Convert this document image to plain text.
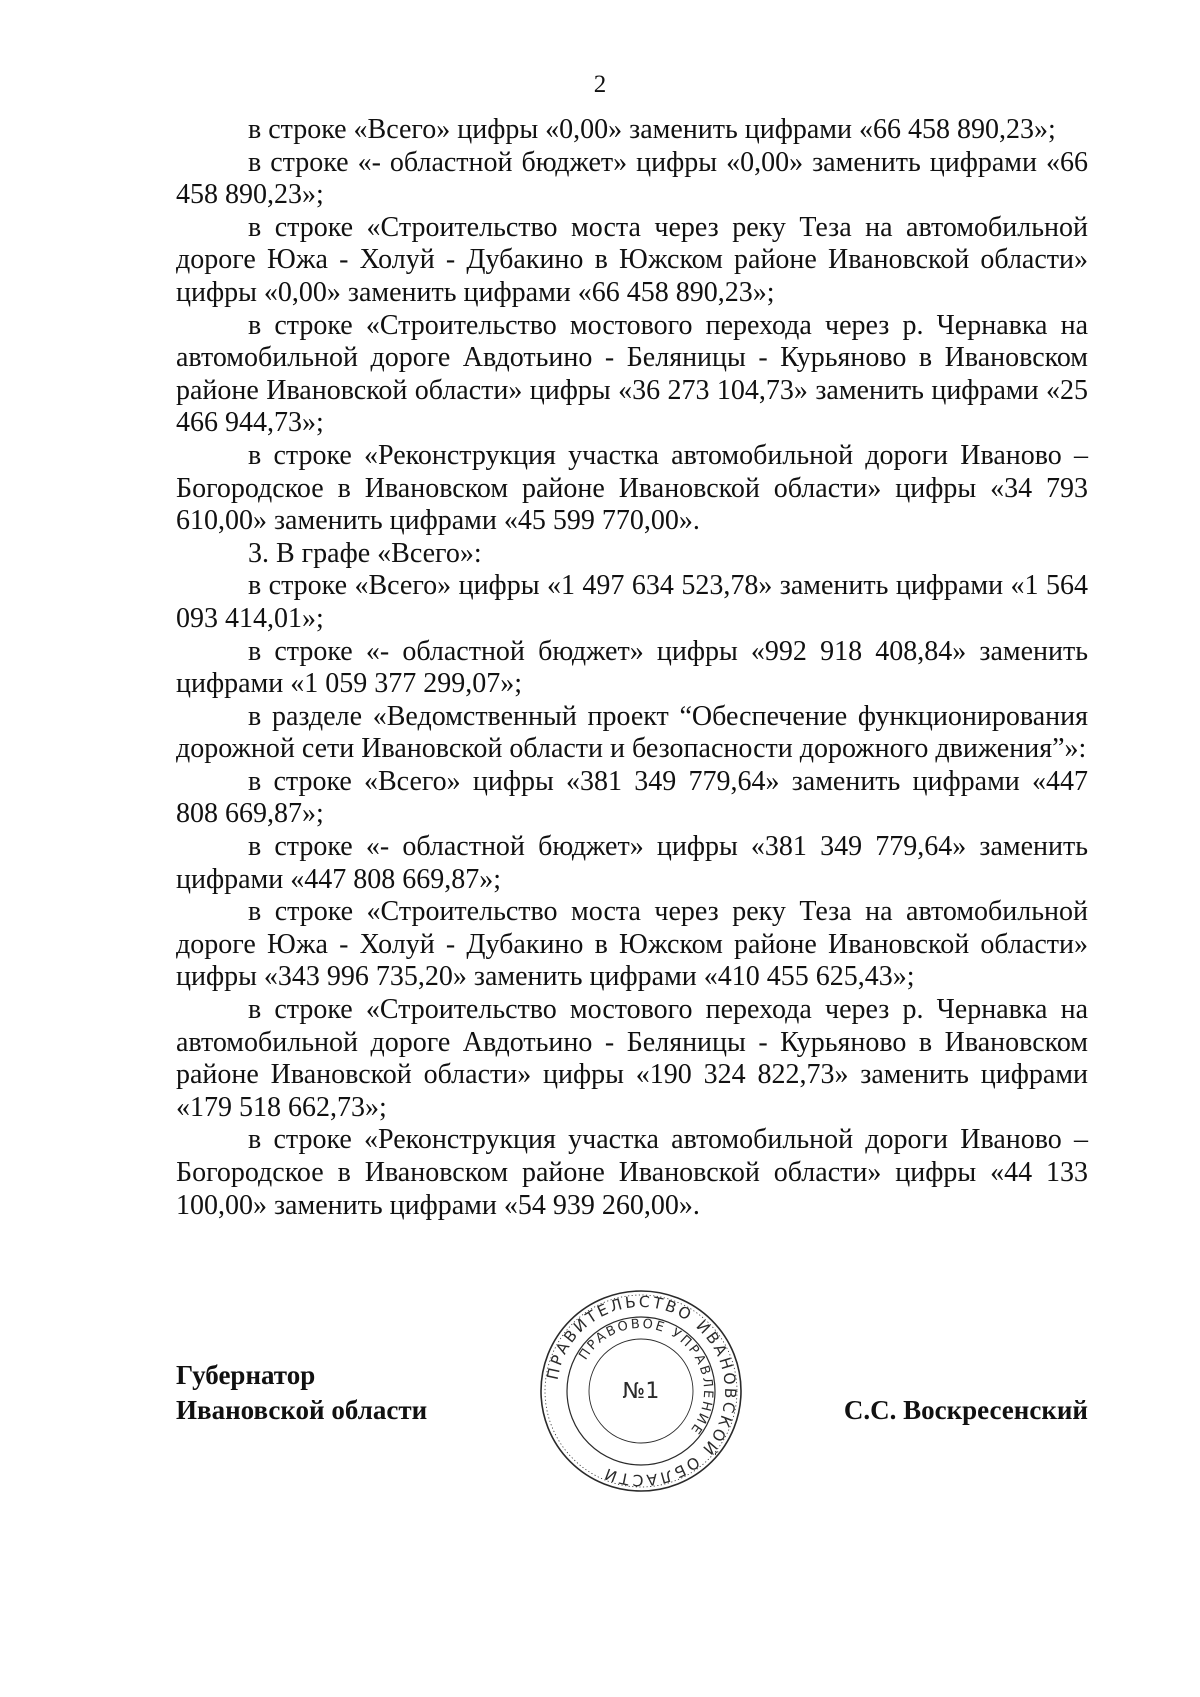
2

в строке «Всего» цифры «0,00» заменить цифрами «66 458 890,23»;

в строке «- областной бюджет» цифры «0,00» заменить цифрами «66 458 890,23»;

в строке «Строительство моста через реку Теза на автомобильной дороге Южа - Холуй - Дубакино в Южском районе Ивановской области» цифры «0,00» заменить цифрами «66 458 890,23»;

в строке «Строительство мостового перехода через р. Чернавка на автомобильной дороге Авдотьино - Беляницы - Курьяново в Ивановском районе Ивановской области» цифры «36 273 104,73» заменить цифрами «25 466 944,73»;

в строке «Реконструкция участка автомобильной дороги Иваново – Богородское в Ивановском районе Ивановской области» цифры «34 793 610,00» заменить цифрами «45 599 770,00».

3. В графе «Всего»:

в строке «Всего» цифры «1 497 634 523,78» заменить цифрами «1 564 093 414,01»;

в строке «- областной бюджет» цифры «992 918 408,84» заменить цифрами «1 059 377 299,07»;

в разделе «Ведомственный проект “Обеспечение функционирования дорожной сети Ивановской области и безопасности дорожного движения”»:

в строке «Всего» цифры «381 349 779,64» заменить цифрами «447 808 669,87»;

в строке «- областной бюджет» цифры «381 349 779,64» заменить цифрами «447 808 669,87»;

в строке «Строительство моста через реку Теза на автомобильной дороге Южа - Холуй - Дубакино в Южском районе Ивановской области» цифры «343 996 735,20» заменить цифрами «410 455 625,43»;

в строке «Строительство мостового перехода через р. Чернавка на автомобильной дороге Авдотьино - Беляницы - Курьяново в Ивановском районе Ивановской области» цифры «190 324 822,73» заменить цифрами «179 518 662,73»;

в строке «Реконструкция участка автомобильной дороги Иваново – Богородское в Ивановском районе Ивановской области» цифры «44 133 100,00» заменить цифрами «54 939 260,00».

Губернатор
Ивановской области
ПРАВИТЕЛЬСТВО ИВАНОВСКОЙ ОБЛАСТИ
ПРАВОВОЕ УПРАВЛЕНИЕ
№1
С.С. Воскресенский
